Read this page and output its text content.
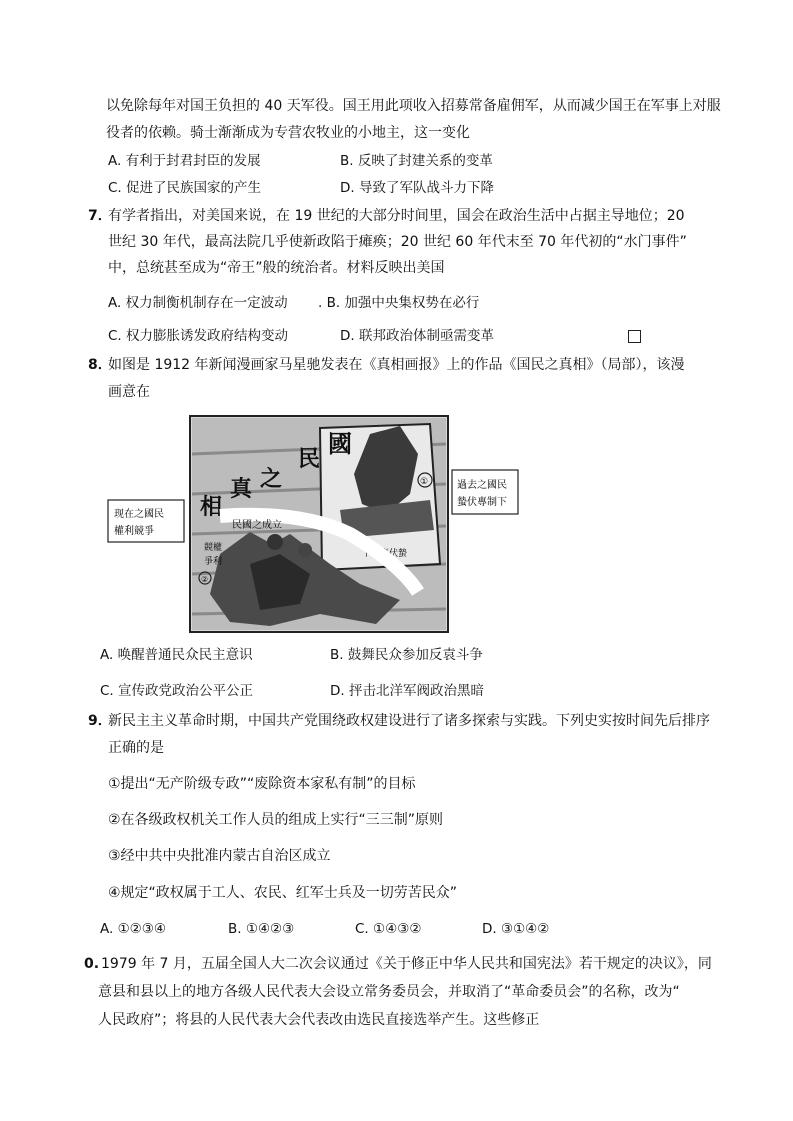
以免除每年对国王负担的 40 天军役。国王用此项收入招募常备雇佣军，从而减少国王在军事上对服
役者的依赖。骑士渐渐成为专营农牧业的小地主，这一变化
A. 有利于封君封臣的发展	B. 反映了封建关系的变革
C. 促进了民族国家的产生	D. 导致了军队战斗力下降
7．
有学者指出，对美国来说，在 19 世纪的大部分时间里，国会在政治生活中占据主导地位；20
世纪 30 年代，最高法院几乎使新政陷于瘫痪；20 世纪 60 年代末至 70 年代初的“水门事件”
中，总统甚至成为“帝王”般的统治者。材料反映出美国
A. 权力制衡机制存在一定波动 . B. 加强中央集权势在必行
C. 权力膨胀诱发政府结构变动	D. 联邦政治体制亟需变革
8．
如图是 1912 年新闻漫画家马星驰发表在《真相画报》上的作品《国民之真相》（局部），该漫
画意在
现在之國民
權利競爭
①
下制專伏蟄
國
民
之
真
相
民國之成立
競權
爭利
②
過去之國民
蟄伏專制下
A. 唤醒普通民众民主意识	B. 鼓舞民众参加反袁斗争
C. 宣传政党政治公平公正	D. 抨击北洋军阀政治黑暗
9．
新民主主义革命时期，中国共产党围绕政权建设进行了诸多探索与实践。下列史实按时间先后排序
正确的是
①提出“无产阶级专政”“废除资本家私有制”的目标
②在各级政权机关工作人员的组成上实行“三三制”原则
③经中共中央批准内蒙古自治区成立
④规定“政权属于工人、农民、红军士兵及一切劳苦民众”
A. ①②③④	B. ①④②③	C. ①④③②	D. ③①④②
0. 1979 年 7 月，五届全国人大二次会议通过《关于修正中华人民共和国宪法》若干规定的决议》，同
意县和县以上的地方各级人民代表大会设立常务委员会，并取消了“革命委员会”的名称，改为“
人民政府”；将县的人民代表大会代表改由选民直接选举产生。这些修正
